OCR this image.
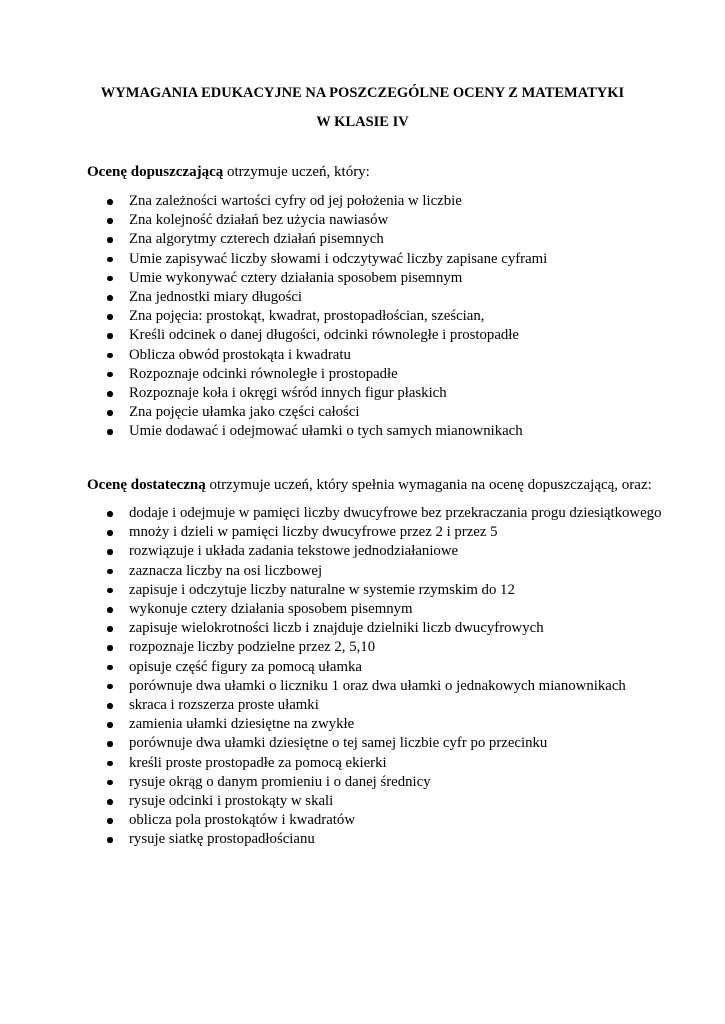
WYMAGANIA EDUKACYJNE NA POSZCZEGÓLNE OCENY Z MATEMATYKI

W KLASIE IV

Ocenę dopuszczającą otrzymuje uczeń, który:

Zna zależności wartości cyfry od jej położenia w liczbie
Zna kolejność działań bez użycia nawiasów
Zna algorytmy czterech działań pisemnych
Umie zapisywać liczby słowami i odczytywać liczby zapisane cyframi
Umie wykonywać cztery działania sposobem pisemnym
Zna jednostki miary długości
Zna pojęcia: prostokąt, kwadrat, prostopadłościan, sześcian,
Kreśli odcinek o danej długości, odcinki równoległe i prostopadłe
Oblicza obwód prostokąta i kwadratu
Rozpoznaje odcinki równoległe i prostopadłe
Rozpoznaje koła i okręgi wśród innych figur płaskich
Zna pojęcie ułamka jako części całości
Umie dodawać i odejmować ułamki o tych samych mianownikach

Ocenę dostateczną otrzymuje uczeń, który spełnia wymagania na ocenę dopuszczającą, oraz:

dodaje i odejmuje w pamięci liczby dwucyfrowe bez przekraczania progu dziesiątkowego
mnoży i dzieli w pamięci liczby dwucyfrowe przez 2 i przez 5
rozwiązuje i układa zadania tekstowe jednodziałaniowe
zaznacza liczby na osi liczbowej
zapisuje i odczytuje liczby naturalne w systemie rzymskim do 12
wykonuje cztery działania sposobem pisemnym
zapisuje wielokrotności liczb i znajduje dzielniki liczb dwucyfrowych
rozpoznaje liczby podzielne przez 2, 5,10
opisuje część figury za pomocą ułamka
porównuje dwa ułamki o liczniku 1 oraz dwa ułamki o jednakowych mianownikach
skraca i rozszerza proste ułamki
zamienia ułamki dziesiętne na zwykłe
porównuje dwa ułamki dziesiętne o tej samej liczbie cyfr po przecinku
kreśli proste prostopadłe za pomocą ekierki
rysuje okrąg o danym promieniu i o danej średnicy
rysuje odcinki i prostokąty w skali
oblicza pola prostokątów i kwadratów
rysuje siatkę prostopadłościanu
